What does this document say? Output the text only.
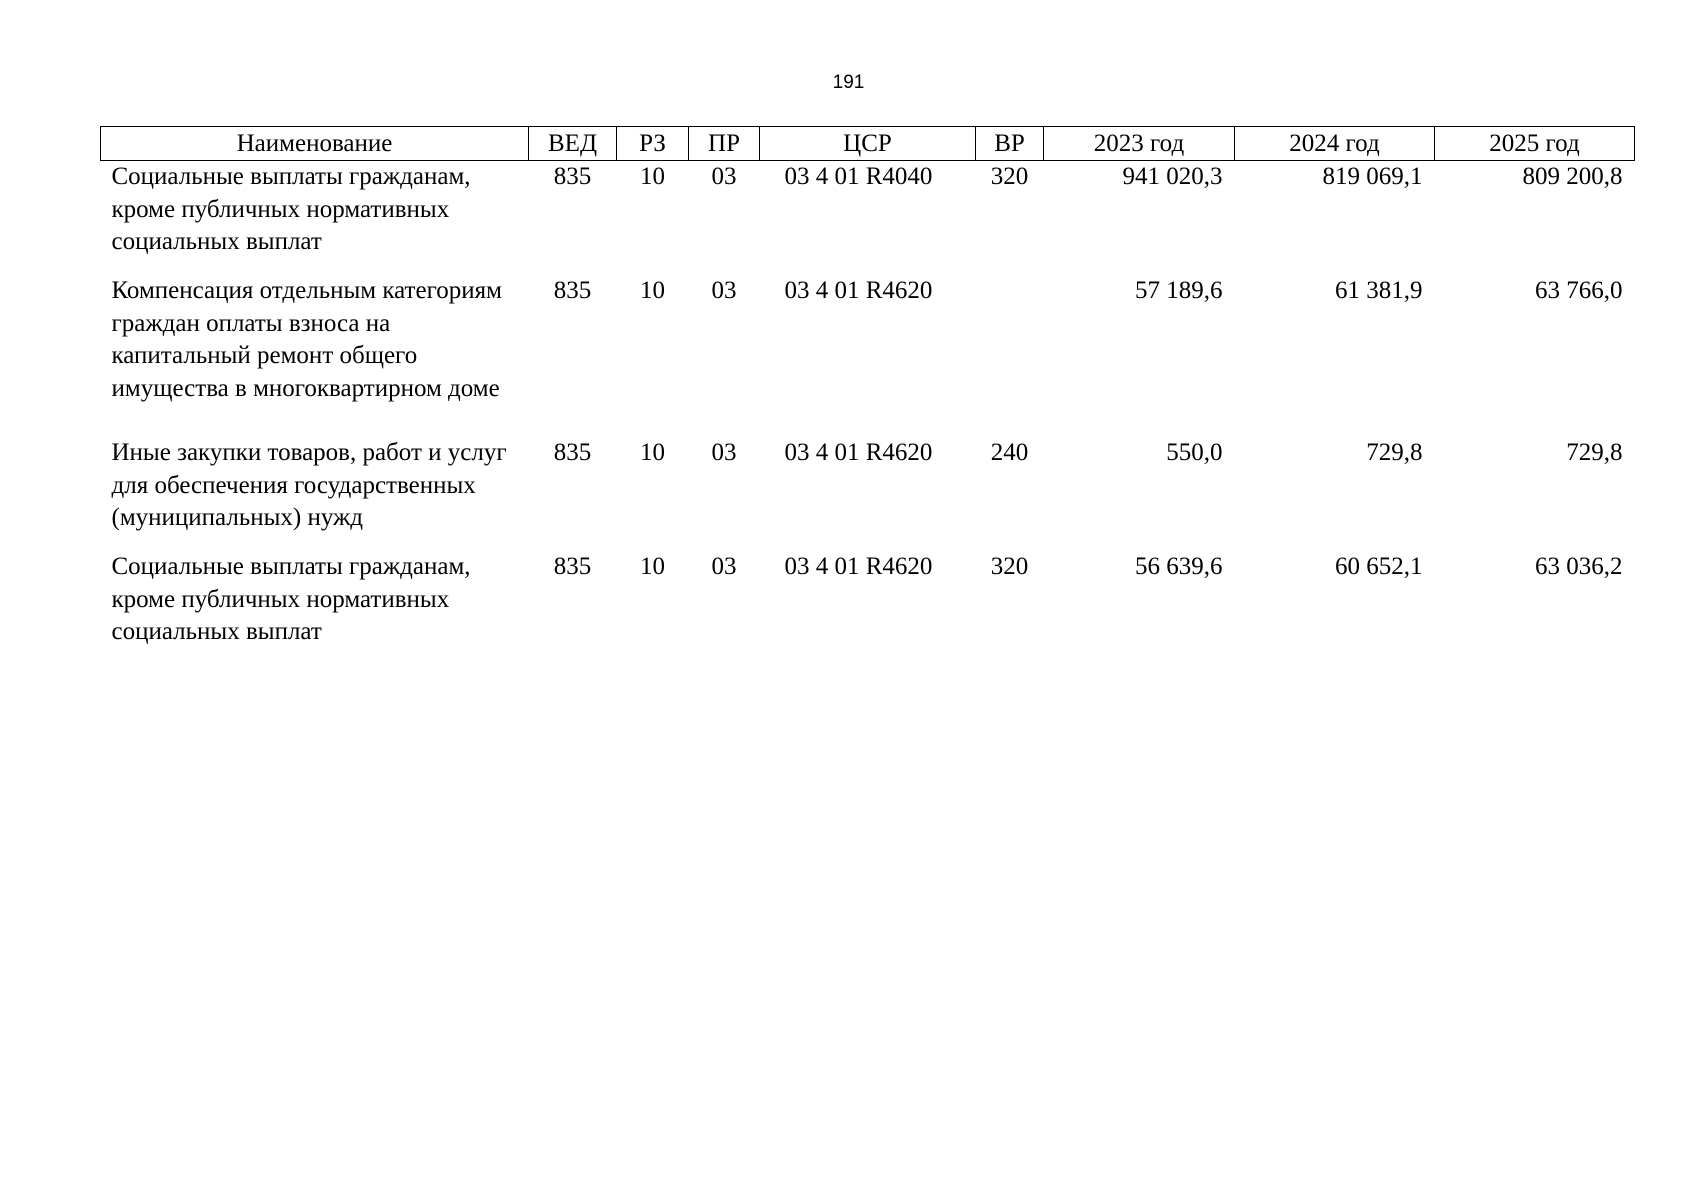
191
Наименование	ВЕД	РЗ	ПР	ЦСР	ВР	2023 год	2024 год	2025 год
Социальные выплаты гражданам, кроме публичных нормативных социальных выплат	835	10	03	03 4 01 R4040	320	941 020,3	819 069,1	809 200,8
Компенсация отдельным категориям граждан оплаты взноса на капитальный ремонт общего имущества в многоквартирном доме	835	10	03	03 4 01 R4620		57 189,6	61 381,9	63 766,0
Иные закупки товаров, работ и услуг для обеспечения государственных (муниципальных) нужд	835	10	03	03 4 01 R4620	240	550,0	729,8	729,8
Социальные выплаты гражданам, кроме публичных нормативных социальных выплат	835	10	03	03 4 01 R4620	320	56 639,6	60 652,1	63 036,2
